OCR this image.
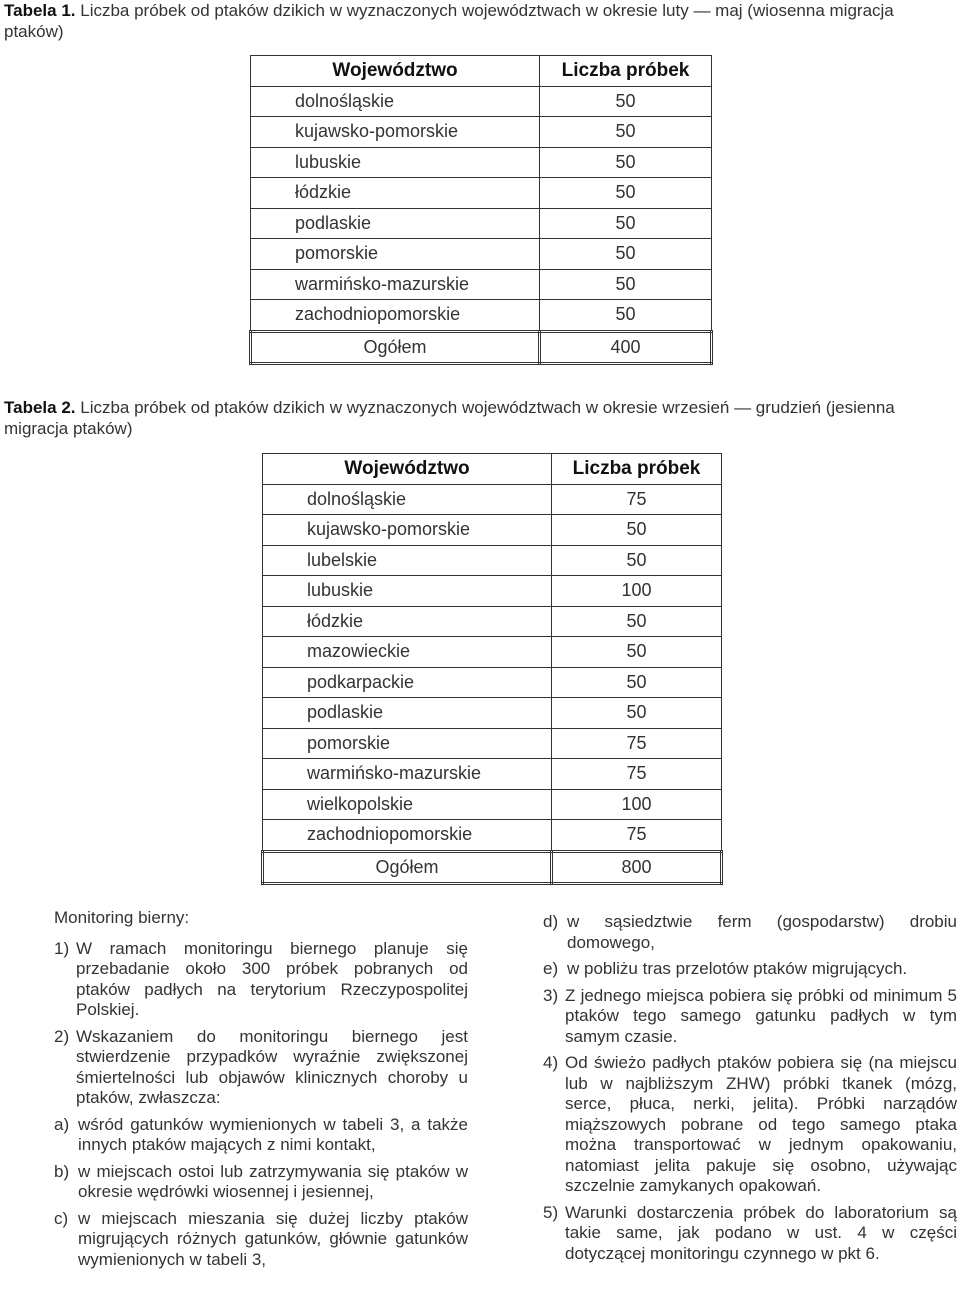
Tabela 1. Liczba próbek od ptaków dzikich w wyznaczonych województwach w okresie luty — maj (wiosenna migracja ptaków)
Województwo	Liczba próbek
dolnośląskie	50
kujawsko-pomorskie	50
lubuskie	50
łódzkie	50
podlaskie	50
pomorskie	50
warmińsko-mazurskie	50
zachodniopomorskie	50
Ogółem	400
Tabela 2. Liczba próbek od ptaków dzikich w wyznaczonych województwach w okresie wrzesień — grudzień (jesienna migracja ptaków)
Województwo	Liczba próbek
dolnośląskie	75
kujawsko-pomorskie	50
lubelskie	50
lubuskie	100
łódzkie	50
mazowieckie	50
podkarpackie	50
podlaskie	50
pomorskie	75
warmińsko-mazurskie	75
wielkopolskie	100
zachodniopomorskie	75
Ogółem	800

Monitoring bierny:

1) W ramach monitoringu biernego planuje się przebadanie około 300 próbek pobranych od ptaków padłych na terytorium Rzeczypospolitej Polskiej.
2) Wskazaniem do monitoringu biernego jest stwierdzenie przypadków wyraźnie zwiększonej śmiertelności lub objawów klinicznych choroby u ptaków, zwłaszcza:
a) wśród gatunków wymienionych w tabeli 3, a także innych ptaków mających z nimi kontakt,
b) w miejscach ostoi lub zatrzymywania się ptaków w okresie wędrówki wiosennej i jesiennej,
c) w miejscach mieszania się dużej liczby ptaków migrujących różnych gatunków, głównie gatunków wymienionych w tabeli 3,
d) w sąsiedztwie ferm (gospodarstw) drobiu domowego,
e) w pobliżu tras przelotów ptaków migrujących.
3) Z jednego miejsca pobiera się próbki od minimum 5 ptaków tego samego gatunku padłych w tym samym czasie.
4) Od świeżo padłych ptaków pobiera się (na miejscu lub w najbliższym ZHW) próbki tkanek (mózg, serce, płuca, nerki, jelita). Próbki narządów miąższowych pobrane od tego samego ptaka można transportować w jednym opakowaniu, natomiast jelita pakuje się osobno, używając szczelnie zamykanych opakowań.
5) Warunki dostarczenia próbek do laboratorium są takie same, jak podano w ust. 4 w części dotyczącej monitoringu czynnego w pkt 6.
